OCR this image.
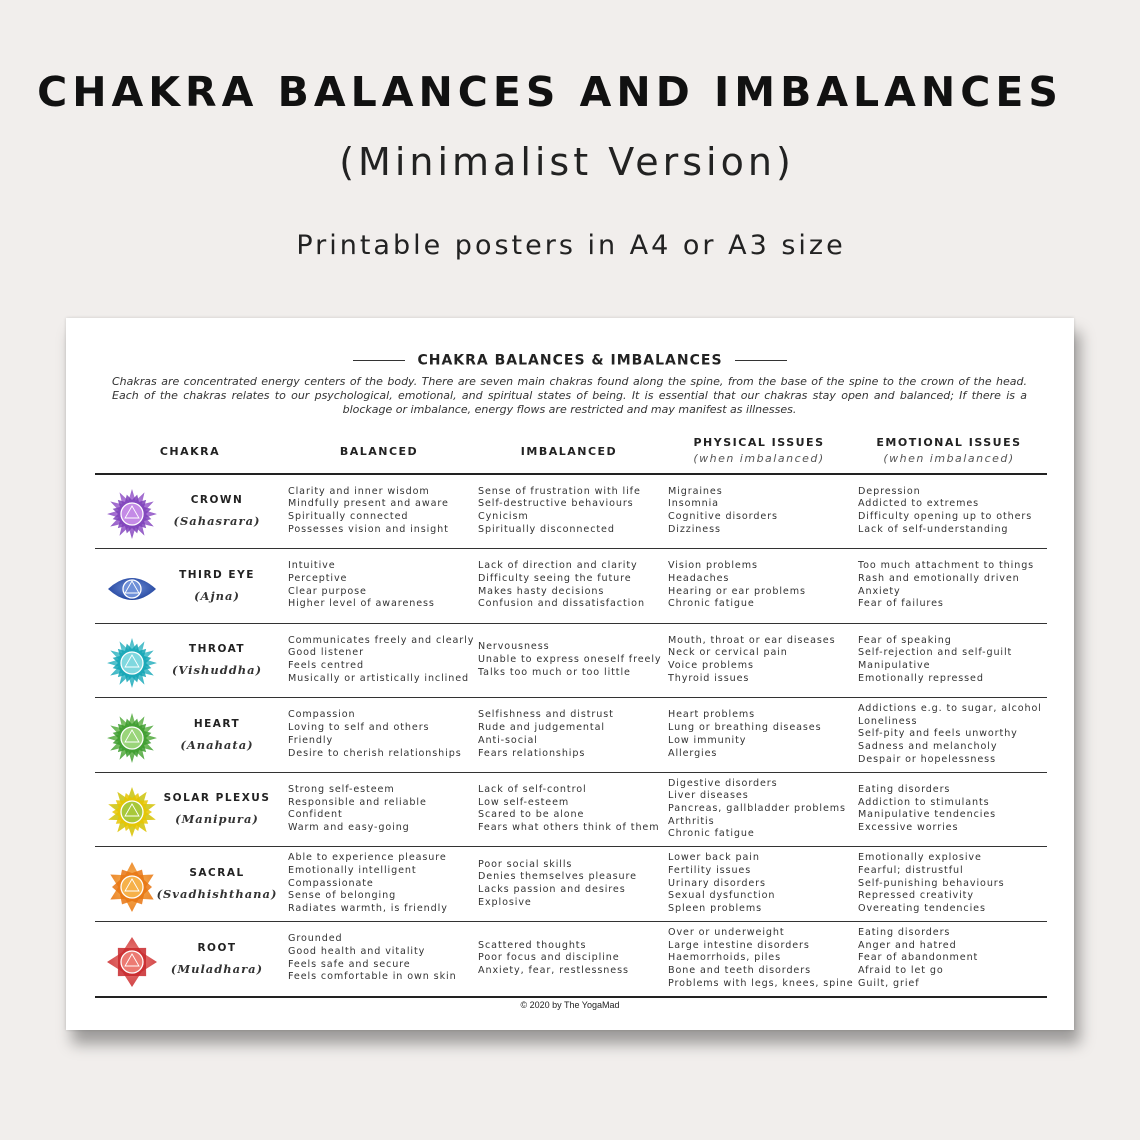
CHAKRA BALANCES AND IMBALANCES
(Minimalist Version)
Printable posters in A4 or A3 size
CHAKRA BALANCES & IMBALANCES
Chakras are concentrated energy centers of the body. There are seven main chakras found along the spine, from the base of the spine to the crown of the head. Each of the chakras relates to our psychological, emotional, and spiritual states of being. It is essential that our chakras stay open and balanced; If there is a blockage or imbalance, energy flows are restricted and may manifest as illnesses.
CHAKRA	BALANCED	IMBALANCED
PHYSICAL ISSUES
(when imbalanced)
EMOTIONAL ISSUES
(when imbalanced)
CROWN
(Sahasrara)
Clarity and inner wisdom
Mindfully present and aware
Spiritually connected
Possesses vision and insight
Sense of frustration with life
Self-destructive behaviours
Cynicism
Spiritually disconnected
Migraines
Insomnia
Cognitive disorders
Dizziness
Depression
Addicted to extremes
Difficulty opening up to others
Lack of self-understanding
THIRD EYE
(Ajna)
Intuitive
Perceptive
Clear purpose
Higher level of awareness
Lack of direction and clarity
Difficulty seeing the future
Makes hasty decisions
Confusion and dissatisfaction
Vision problems
Headaches
Hearing or ear problems
Chronic fatigue
Too much attachment to things
Rash and emotionally driven
Anxiety
Fear of failures
THROAT
(Vishuddha)
Communicates freely and clearly
Good listener
Feels centred
Musically or artistically inclined
Nervousness
Unable to express oneself freely
Talks too much or too little
Mouth, throat or ear diseases
Neck or cervical pain
Voice problems
Thyroid issues
Fear of speaking
Self-rejection and self-guilt
Manipulative
Emotionally repressed
HEART
(Anahata)
Compassion
Loving to self and others
Friendly
Desire to cherish relationships
Selfishness and distrust
Rude and judgemental
Anti-social
Fears relationships
Heart problems
Lung or breathing diseases
Low immunity
Allergies
Addictions e.g. to sugar, alcohol
Loneliness
Self-pity and feels unworthy
Sadness and melancholy
Despair or hopelessness
SOLAR PLEXUS
(Manipura)
Strong self-esteem
Responsible and reliable
Confident
Warm and easy-going
Lack of self-control
Low self-esteem
Scared to be alone
Fears what others think of them
Digestive disorders
Liver diseases
Pancreas, gallbladder problems
Arthritis
Chronic fatigue
Eating disorders
Addiction to stimulants
Manipulative tendencies
Excessive worries
SACRAL
(Svadhishthana)
Able to experience pleasure
Emotionally intelligent
Compassionate
Sense of belonging
Radiates warmth, is friendly
Poor social skills
Denies themselves pleasure
Lacks passion and desires
Explosive
Lower back pain
Fertility issues
Urinary disorders
Sexual dysfunction
Spleen problems
Emotionally explosive
Fearful; distrustful
Self-punishing behaviours
Repressed creativity
Overeating tendencies
ROOT
(Muladhara)
Grounded
Good health and vitality
Feels safe and secure
Feels comfortable in own skin
Scattered thoughts
Poor focus and discipline
Anxiety, fear, restlessness
Over or underweight
Large intestine disorders
Haemorrhoids, piles
Bone and teeth disorders
Problems with legs, knees, spine
Eating disorders
Anger and hatred
Fear of abandonment
Afraid to let go
Guilt, grief
© 2020 by The YogaMad
